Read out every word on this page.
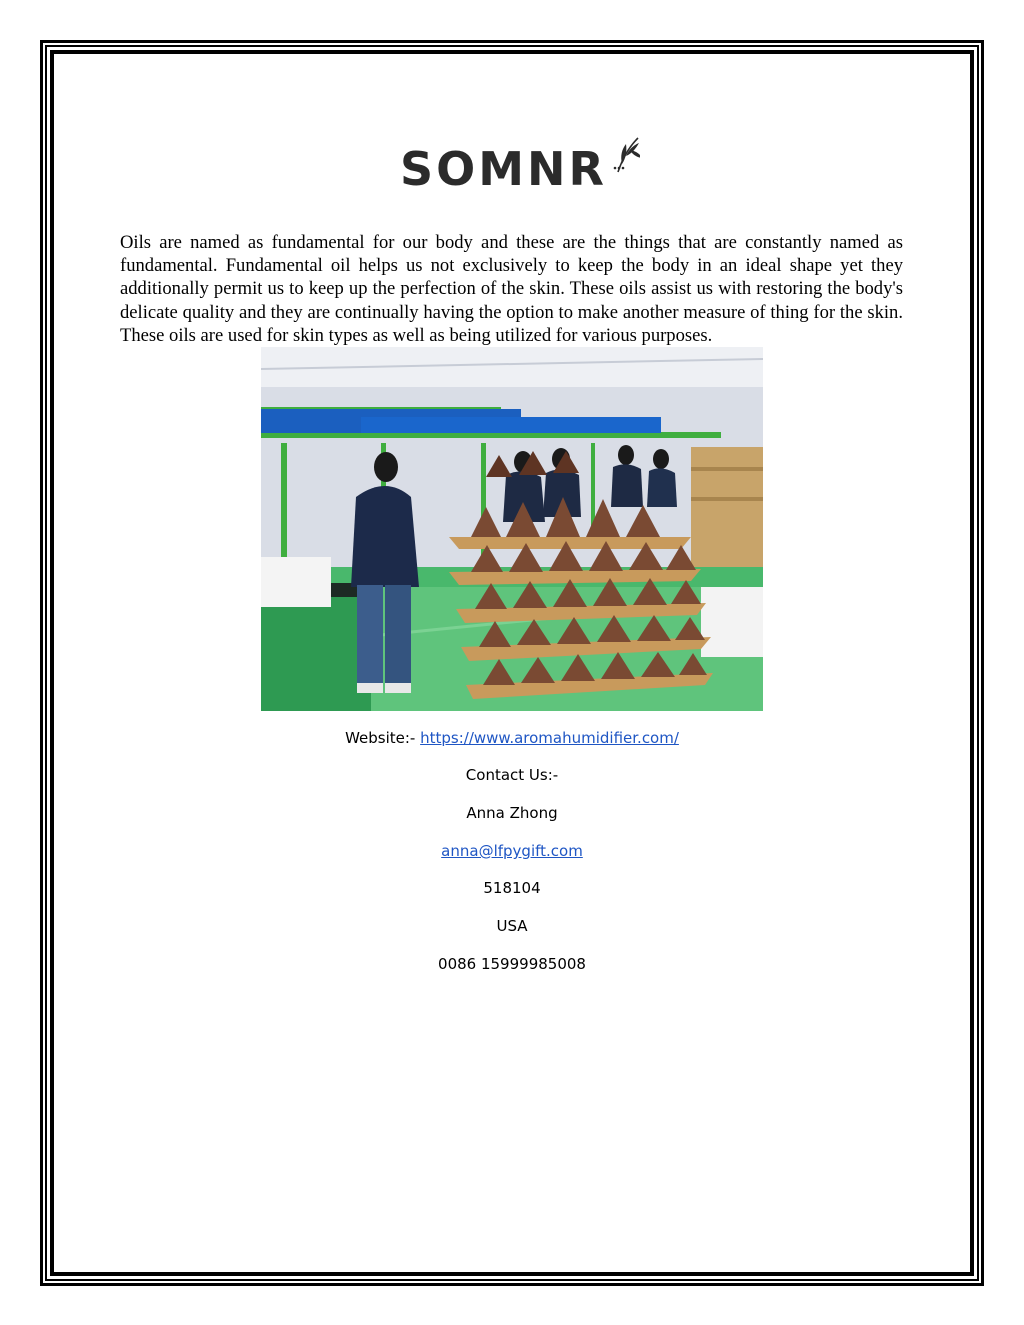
SOMNR

Oils are named as fundamental for our body and these are the things that are constantly named as fundamental. Fundamental oil helps us not exclusively to keep the body in an ideal shape yet they additionally permit us to keep up the perfection of the skin. These oils assist us with restoring the body's delicate quality and they are continually having the option to make another measure of thing for the skin. These oils are used for skin types as well as being utilized for various purposes.

Website:- https://www.aromahumidifier.com/
Contact Us:-
Anna Zhong
anna@lfpygift.com
518104
USA
0086 15999985008
